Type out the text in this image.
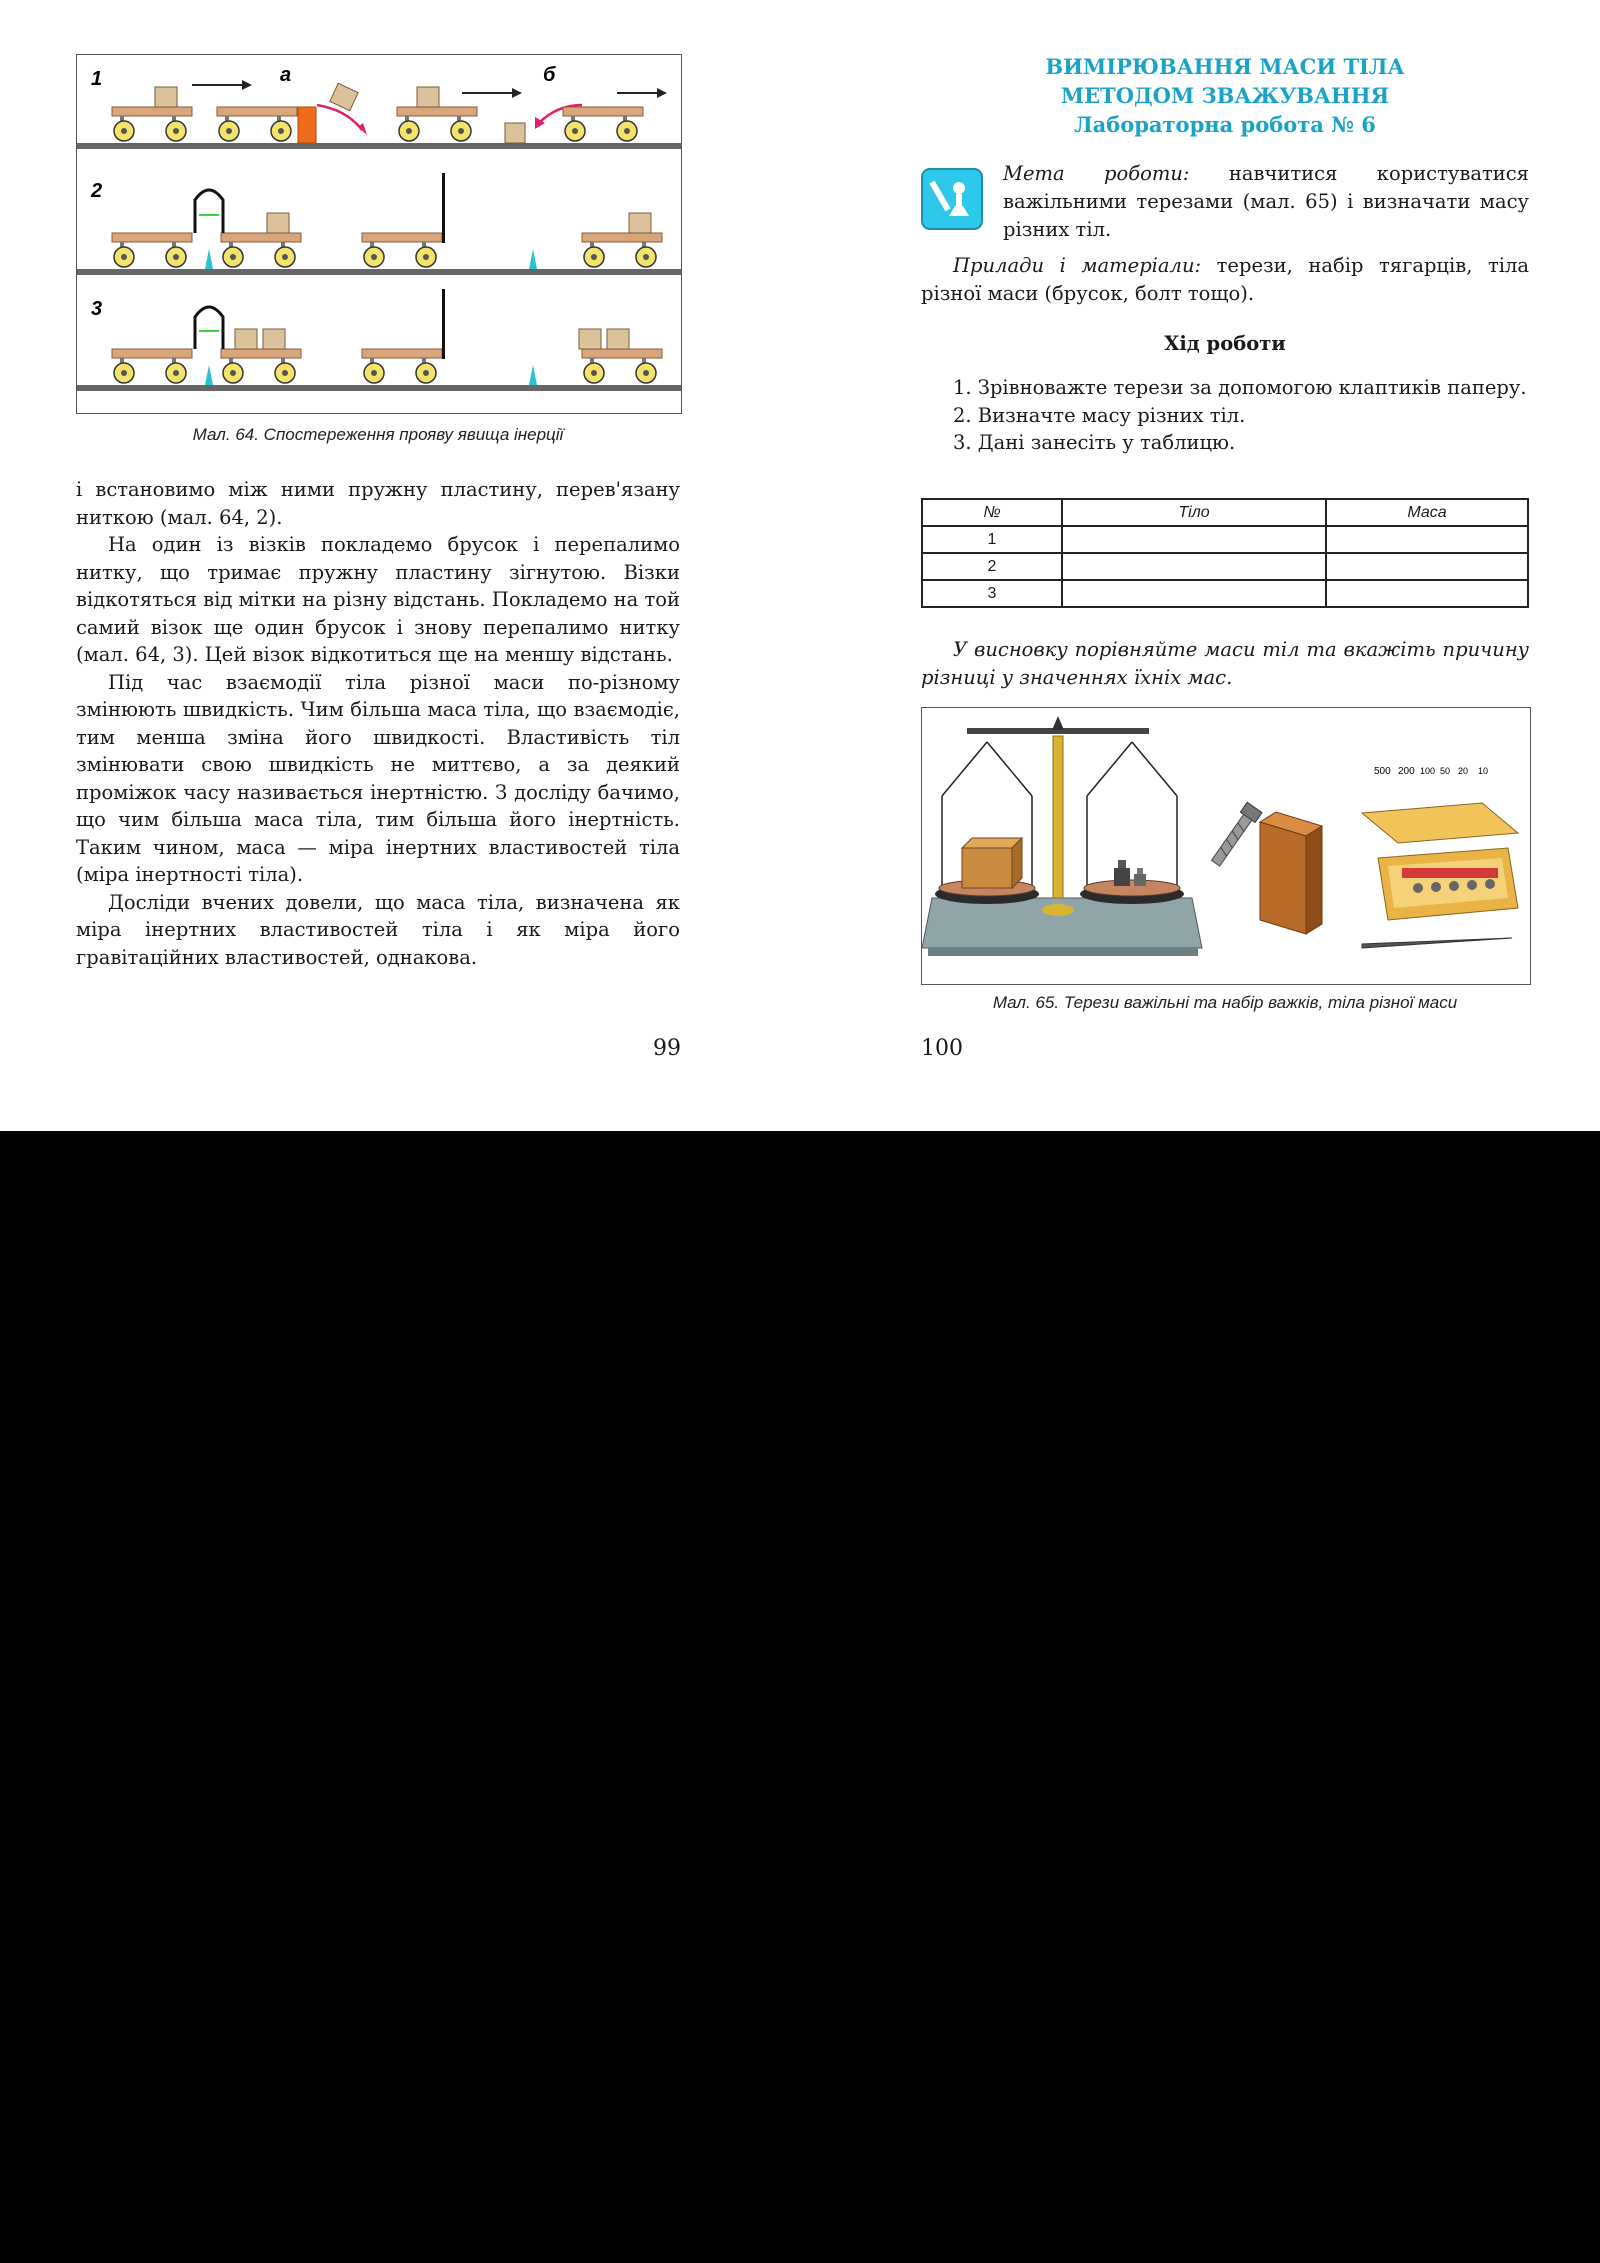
1	а	б
2
3
Мал. 64. Спостереження прояву явища інерції

і встановимо між ними пружну пластину, перев'язану ниткою (мал. 64, 2).

На один із візків покладемо брусок і перепалимо нитку, що тримає пружну пластину зігнутою. Візки відкотяться від мітки на різну відстань. Покладемо на той самий візок ще один брусок і знову перепалимо нитку (мал. 64, 3). Цей візок відкотиться ще на меншу відстань.

Під час взаємодії тіла різної маси по-різному змінюють швидкість. Чим більша маса тіла, що взаємодіє, тим менша зміна його швидкості. Властивість тіл змінювати свою швидкість не миттєво, а за деякий проміжок часу називається інертністю. З досліду бачимо, що чим більша маса тіла, тим більша його інертність. Таким чином, маса — міра інертних властивостей тіла (міра інертності тіла).

Досліди вчених довели, що маса тіла, визначена як міра інертних властивостей тіла і як міра його гравітаційних властивостей, однакова.

99
ВИМІРЮВАННЯ МАСИ ТІЛА
МЕТОДОМ ЗВАЖУВАННЯ
Лабораторна робота № 6
Мета роботи: навчитися користуватися важільними терезами (мал. 65) і визначати масу різних тіл.

Прилади і матеріали: терези, набір тягарців, тіла різної маси (брусок, болт тощо).

Хід роботи

1. Зрівноважте терези за допомогою клаптиків паперу.

2. Визначте масу різних тіл.

3. Дані занесіть у таблицю.

№	Тіло	Маса
1		
2		
3		

У висновку порівняйте маси тіл та вкажіть причину різниці у значеннях їхніх мас.

500 200 100 50 20 10
Мал. 65. Терези важільні та набір важків, тіла різної маси
100
